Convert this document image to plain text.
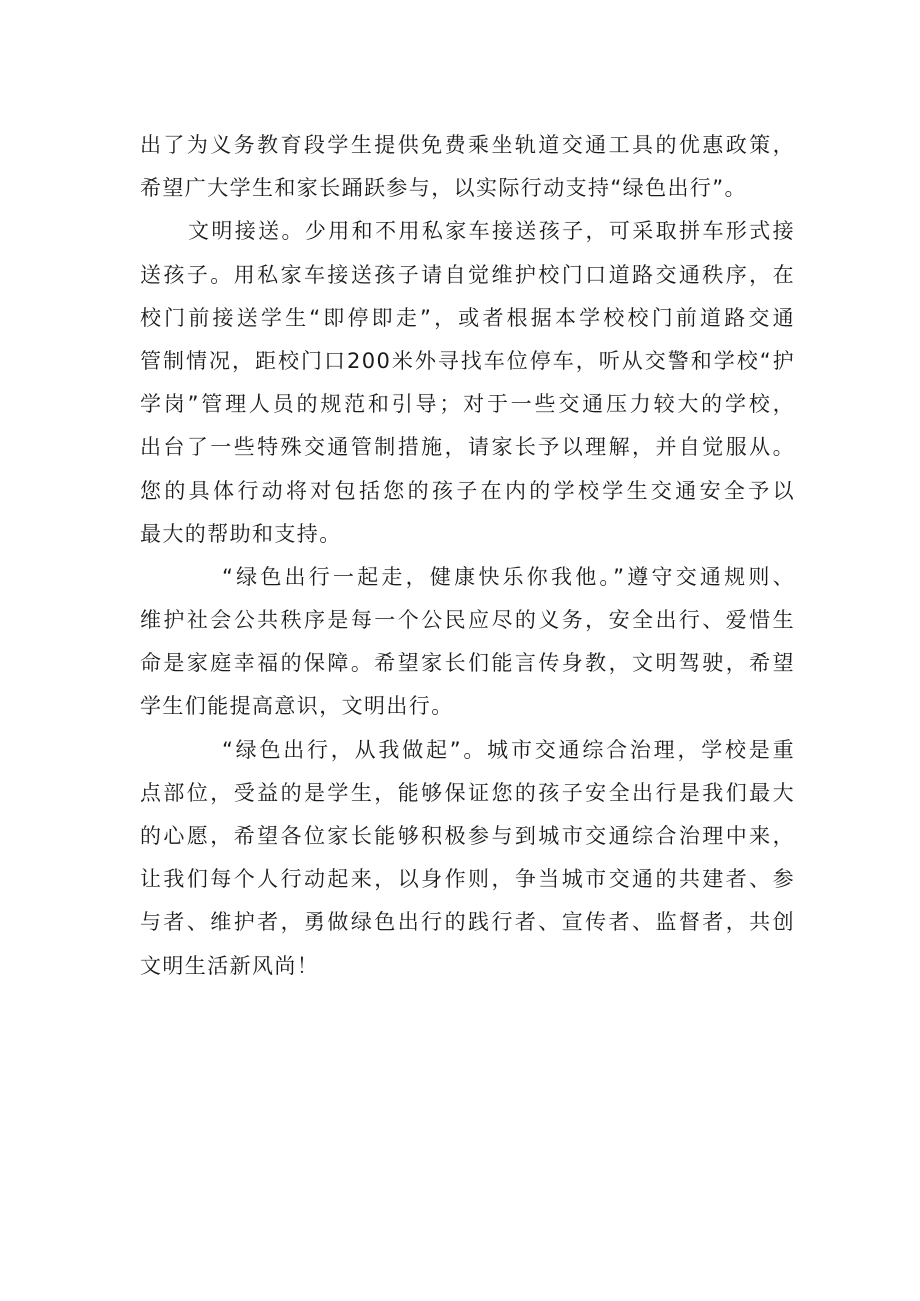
出了为义务教育段学生提供免费乘坐轨道交通工具的优惠政策，
希望广大学生和家长踊跃参与，以实际行动支持“绿色出行”。
文明接送。少用和不用私家车接送孩子，可采取拼车形式接
送孩子。用私家车接送孩子请自觉维护校门口道路交通秩序，在
校门前接送学生“即停即走”，或者根据本学校校门前道路交通
管制情况，距校门口200米外寻找车位停车，听从交警和学校“护
学岗”管理人员的规范和引导；对于一些交通压力较大的学校，
出台了一些特殊交通管制措施，请家长予以理解，并自觉服从。
您的具体行动将对包括您的孩子在内的学校学生交通安全予以
最大的帮助和支持。
“绿色出行一起走，健康快乐你我他。”遵守交通规则、
维护社会公共秩序是每一个公民应尽的义务，安全出行、爱惜生
命是家庭幸福的保障。希望家长们能言传身教，文明驾驶，希望
学生们能提高意识，文明出行。
“绿色出行，从我做起”。城市交通综合治理，学校是重
点部位，受益的是学生，能够保证您的孩子安全出行是我们最大
的心愿，希望各位家长能够积极参与到城市交通综合治理中来，
让我们每个人行动起来，以身作则，争当城市交通的共建者、参
与者、维护者，勇做绿色出行的践行者、宣传者、监督者，共创
文明生活新风尚！
